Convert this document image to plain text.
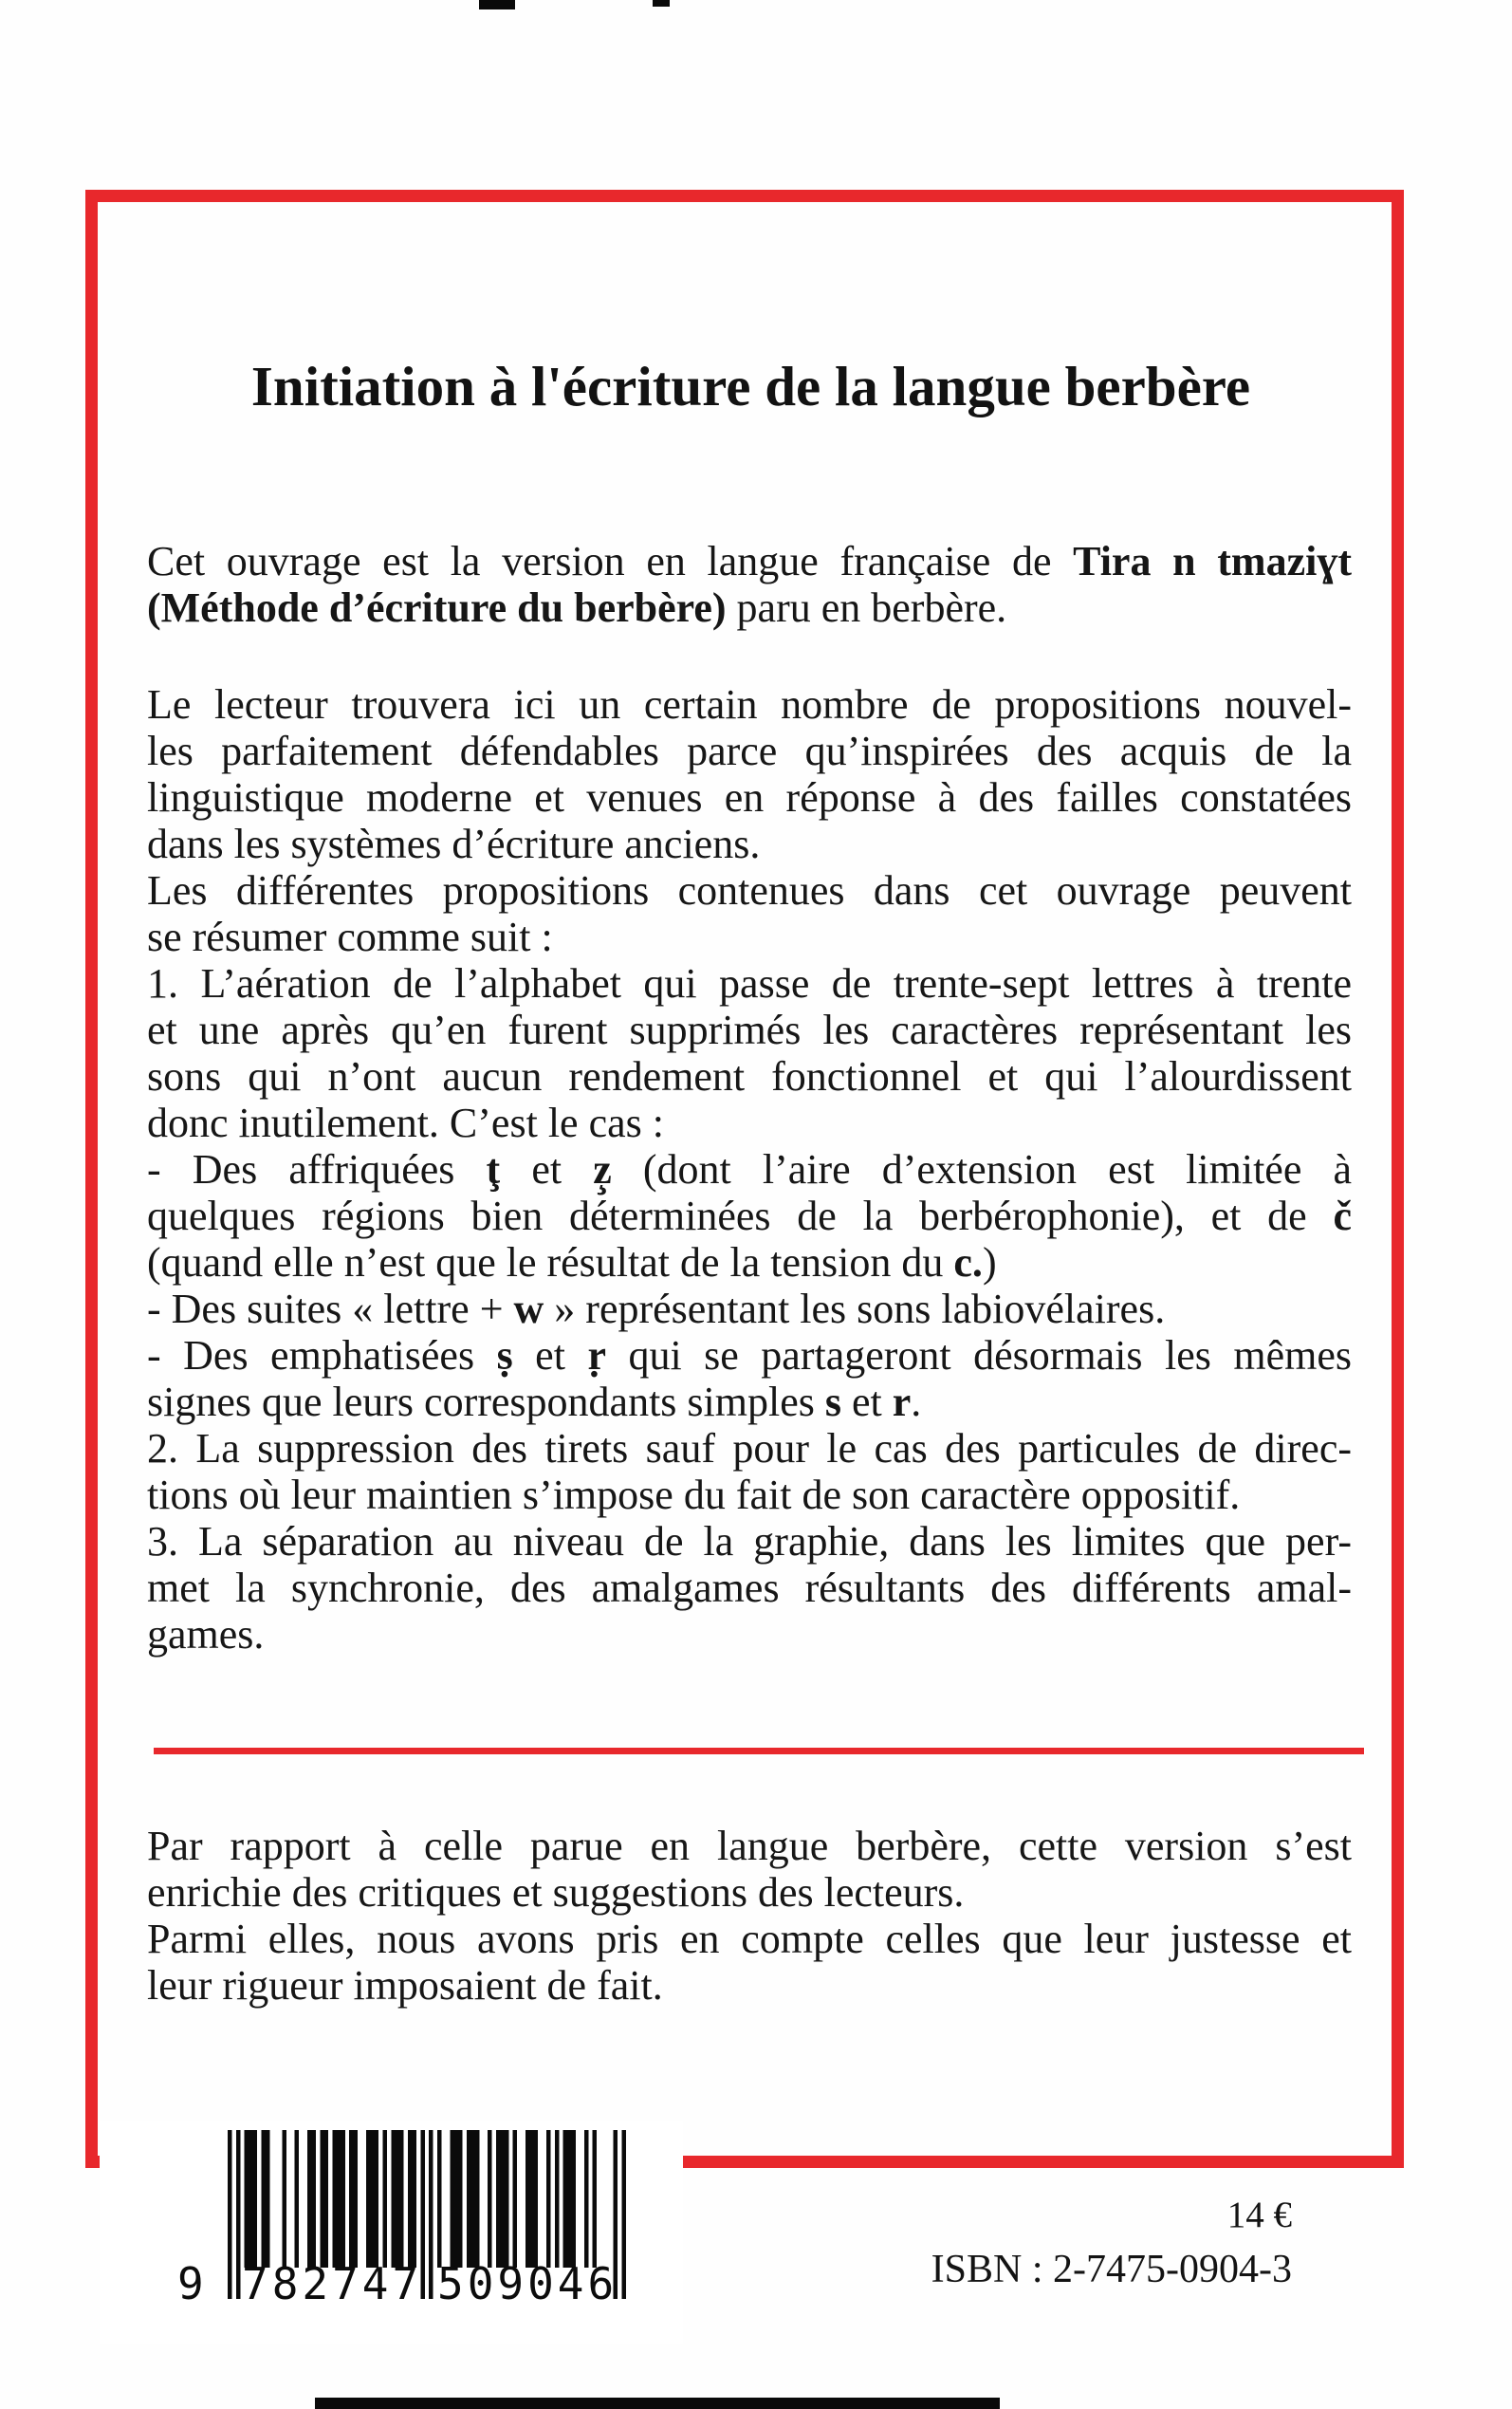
Initiation à l'écriture de la langue berbère
Cet ouvrage est la version en langue française de Tira n tmaziɣt
(Méthode d’écriture du berbère) paru en berbère.
Le lecteur trouvera ici un certain nombre de propositions nouvel-
les parfaitement défendables parce qu’inspirées des acquis de la
linguistique moderne et venues en réponse à des failles constatées
dans les systèmes d’écriture anciens.
Les différentes propositions contenues dans cet ouvrage peuvent
se résumer comme suit :
1. L’aération de l’alphabet qui passe de trente-sept lettres à trente
et une après qu’en furent supprimés les caractères représentant les
sons qui n’ont aucun rendement fonctionnel et qui l’alourdissent
donc inutilement. C’est le cas :
- Des affriquées ţ et z̧ (dont l’aire d’extension est limitée à
quelques régions bien déterminées de la berbérophonie), et de č
(quand elle n’est que le résultat de la tension du c.)
- Des suites « lettre + w » représentant les sons labiovélaires.
- Des emphatisées ṣ et ṛ qui se partageront désormais les mêmes
signes que leurs correspondants simples s et r.
2. La suppression des tirets sauf pour le cas des particules de direc-
tions où leur maintien s’impose du fait de son caractère oppositif.
3. La séparation au niveau de la graphie, dans les limites que per-
met la synchronie, des amalgames résultants des différents amal-
games.
Par rapport à celle parue en langue berbère, cette version s’est
enrichie des critiques et suggestions des lecteurs.
Parmi elles, nous avons pris en compte celles que leur justesse et
leur rigueur imposaient de fait.
9 782747 509046
14 €
ISBN : 2-7475-0904-3
